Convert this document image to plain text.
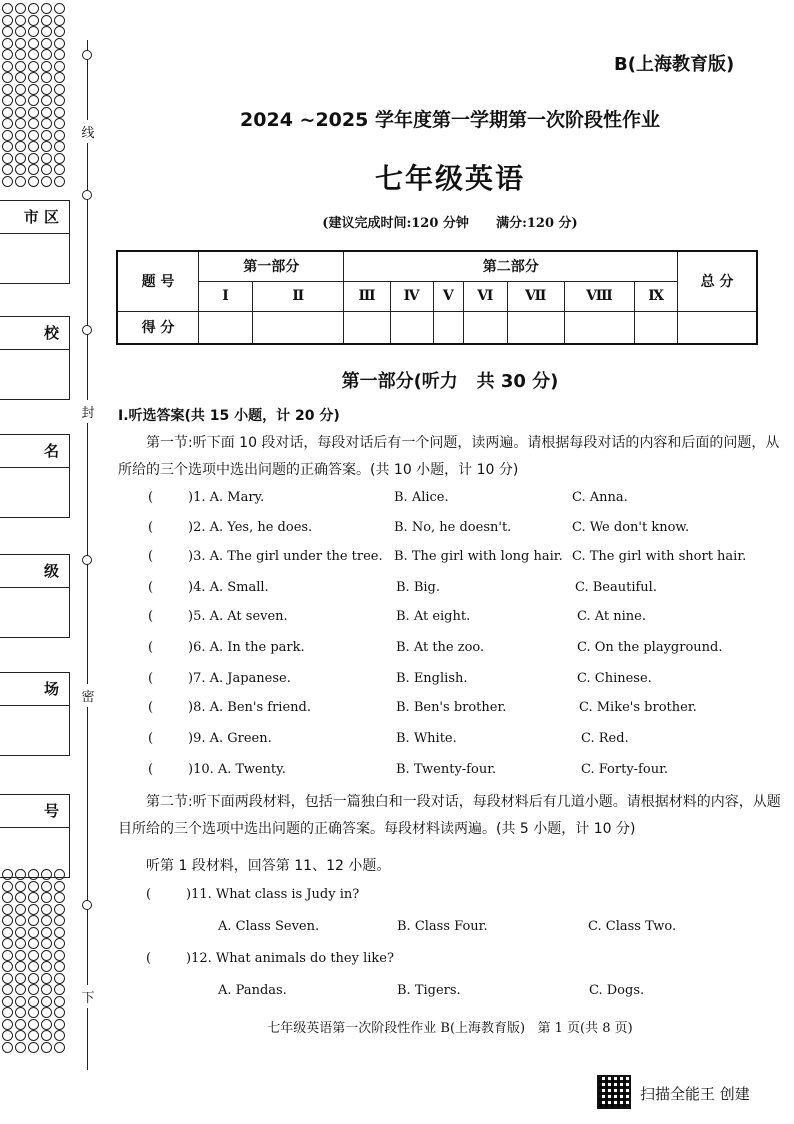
线
封
密
下
市 区
校
名
级
场
号
B(上海教育版)
2024 ~2025 学年度第一学期第一次阶段性作业
七年级英语
(建议完成时间:120 分钟      满分:120 分)
题 号	第一部分		第二部分							总 分
	Ⅰ	Ⅱ	Ⅲ	Ⅳ	Ⅴ	Ⅵ	Ⅶ	Ⅷ	Ⅸ	
得 分										
第一部分(听力   共 30 分)
Ⅰ.听选答案(共 15 小题，计 20 分)
第一节:听下面 10 段对话，每段对话后有一个问题，读两遍。请根据每段对话的内容和后面的问题，从所给的三个选项中选出问题的正确答案。(共 10 小题，计 10 分)
(	)1. A. Mary.	B. Alice.	C. Anna.
(	)2. A. Yes, he does.	B. No, he doesn't.	C. We don't know.
(	)3. A. The girl under the tree. B. The girl with long hair. C. The girl with short hair.
(	)4. A. Small.	B. Big.	C. Beautiful.
(	)5. A. At seven.	B. At eight.	C. At nine.
(	)6. A. In the park.	B. At the zoo.	C. On the playground.
(	)7. A. Japanese.	B. English.	C. Chinese.
(	)8. A. Ben's friend.	B. Ben's brother.	C. Mike's brother.
(	)9. A. Green.	B. White.	C. Red.
(	)10. A. Twenty.	B. Twenty-four.	C. Forty-four.
第二节:听下面两段材料，包括一篇独白和一段对话，每段材料后有几道小题。请根据材料的内容，从题目所给的三个选项中选出问题的正确答案。每段材料读两遍。(共 5 小题，计 10 分)
听第 1 段材料，回答第 11、12 小题。
(	)11. What class is Judy in?
A. Class Seven.	B. Class Four.	C. Class Two.
(	)12. What animals do they like?
A. Pandas.	B. Tigers.	C. Dogs.
七年级英语第一次阶段性作业 B(上海教育版)   第 1 页(共 8 页)
扫描全能王 创建
